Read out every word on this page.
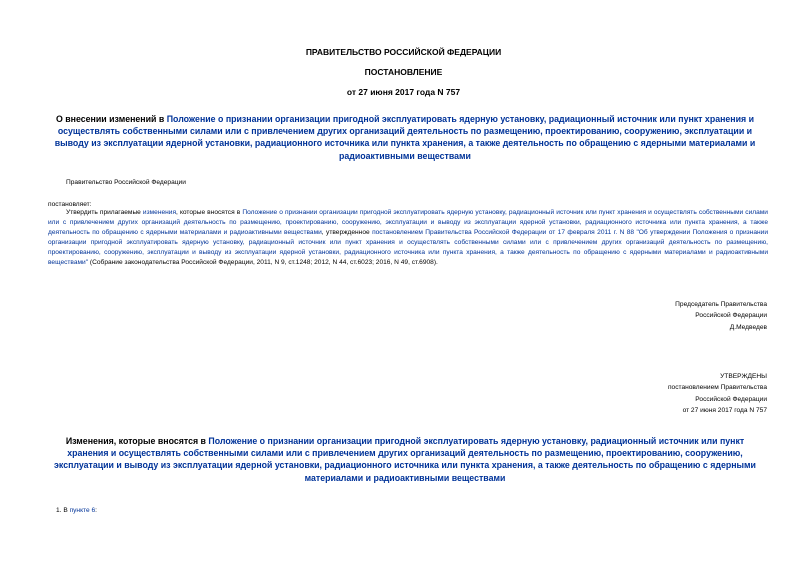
ПРАВИТЕЛЬСТВО РОССИЙСКОЙ ФЕДЕРАЦИИ
ПОСТАНОВЛЕНИЕ
от 27 июня 2017 года N 757
О внесении изменений в Положение о признании организации пригодной эксплуатировать ядерную установку, радиационный источник или пункт хранения и осуществлять собственными силами или с привлечением других организаций деятельность по размещению, проектированию, сооружению, эксплуатации и выводу из эксплуатации ядерной установки, радиационного источника или пункта хранения, а также деятельность по обращению с ядерными материалами и радиоактивными веществами
Правительство Российской Федерации
постановляет:
Утвердить прилагаемые изменения, которые вносятся в Положение о признании организации пригодной эксплуатировать ядерную установку, радиационный источник или пункт хранения и осуществлять собственными силами или с привлечением других организаций деятельность по размещению, проектированию, сооружению, эксплуатации и выводу из эксплуатации ядерной установки, радиационного источника или пункта хранения, а также деятельность по обращению с ядерными материалами и радиоактивными веществами, утвержденное постановлением Правительства Российской Федерации от 17 февраля 2011 г. N 88 "Об утверждении Положения о признании организации пригодной эксплуатировать ядерную установку, радиационный источник или пункт хранения и осуществлять собственными силами или с привлечением других организаций деятельность по размещению, проектированию, сооружению, эксплуатации и выводу из эксплуатации ядерной установки, радиационного источника или пункта хранения, а также деятельность по обращению с ядерными материалами и радиоактивными веществами" (Собрание законодательства Российской Федерации, 2011, N 9, ст.1248; 2012, N 44, ст.6023; 2016, N 49, ст.6908).
Председатель Правительства
Российской Федерации
Д.Медведев
УТВЕРЖДЕНЫ
постановлением Правительства
Российской Федерации
от 27 июня 2017 года N 757
Изменения, которые вносятся в Положение о признании организации пригодной эксплуатировать ядерную установку, радиационный источник или пункт хранения и осуществлять собственными силами или с привлечением других организаций деятельность по размещению, проектированию, сооружению, эксплуатации и выводу из эксплуатации ядерной установки, радиационного источника или пункта хранения, а также деятельность по обращению с ядерными материалами и радиоактивными веществами
1. В пункте 6:
